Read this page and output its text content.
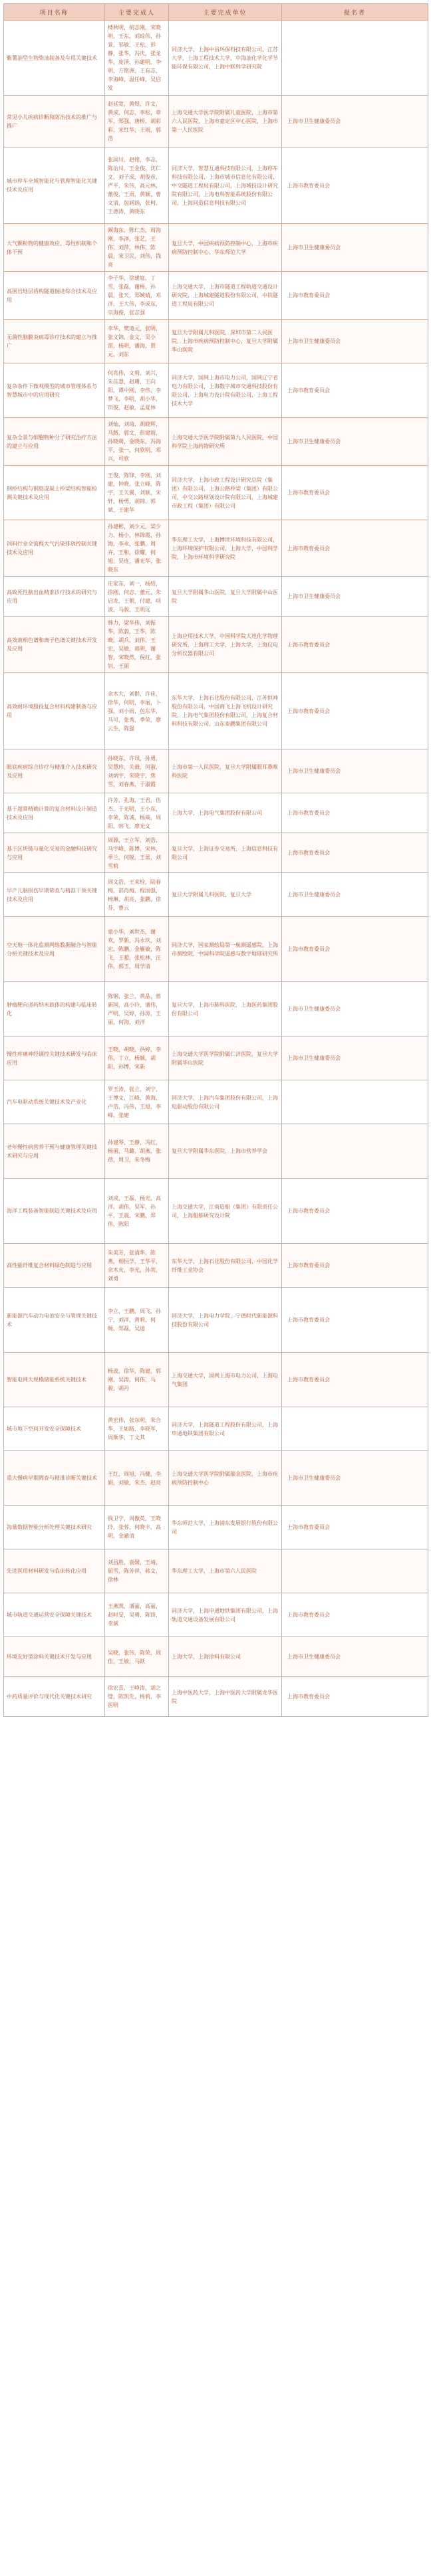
项目名称	主要完成人	主要完成单位	提名者
紫薯油型生物柴油制备及车用关键技术	楼秋明，胡志刚，宋晓明，王东，刘琼伟，孙景，邹敏，王松，彭静，张华，冯庆，张龙华，庞泽，孙建明，李明，方铭洲，王有志，李海峰，温任峰，吴启发	同济大学，上海中昌环保科技有限公司，江苏大学，上海工程技术大学，中海油化学化学节能环保有限公司，上海中联科学研究院	
常见小儿疾病诊断和防治技术的推广与推广	赵廷宽，黄煜，许文，黄成，何志，李松，章军，郑强，唐桥，胡彩彩，宋红华，王雨，郭浩	上海交通大学医学院附属儿童医院，上海市第六人民医院，上海市嘉定区中心医院，上海市第一人民医院	上海市卫生健康委员会
城市停车全域智能化与管理智能化关键技术及应用	张国川，赵铭，李志，陈治川，王金俊，沈仁文，刘子成，胡俊彦，严平，朱伟，高元林，董俊，王雨，黄颖，曹文清，包涵涵，张柯，王德涛，黄晓东	同济大学，智慧互通科技有限公司，上海停车科技有限公司，上海市城市信息化有限公司，中交隧道工程局有限公司，上海城投设计研究院有限公司，上海电科智能系统股份有限公司，上海同造信息科技有限公司	上海市教育委员会
大气颗粒物的健康效应、毒性机制和个体干预	阚海东，陈仁杰，周海刚，李泽，张艺，王伟，刘萍，林伟，陈晨，宋卫民，刘伟，钱亮	复旦大学，中国疾病预防控制中心，上海市疾病预防控制中心，华东师范大学	上海市卫生健康委员会
高围岩地层盾构隧道掘进综合技术及应用	李子华，徐建庭，丁雪，张磊，谢杨，孙晨，张天，郑婉婧，邓洋，王大伟，李成东，宗海俊，张志强	上海交通大学，上海市隧道工程轨道交通设计研究院，上海城建隧道股份有限公司，中铁隧道工程局有限公司	上海市教育委员会
无菌性脑膜炎病毒诊疗技术的建立与推广	李华，樊迪元，张明，张文锦，金文，吴小雷，杨明，潘海，贾元，刘东	复旦大学附属儿科医院，深圳市第二人民医院，上海市疾病预防控制中心，复旦大学附属华山医院	上海市卫生健康委员会
复杂条件下微观模型的城市管理体系与智慧城市中的应用研究	何兆伟，文莉，刘兴，朱佳慧，赵珊，王向阳，谭中刚，李伟，李梦飞，李明，胡小华，田俊，赵敏，孟夏林	同济大学，国网上海市电力公司，国网辽宁省电力有限公司，上海数字城市交通科技股份有限公司，上海电力设计院有限公司，上海工程技术大学	上海市教育委员会
复杂全景与细胞物种分子研究治疗方法的建立与应用	刘灿，刘琦，胡晓辉，马路，郭文，彭建雨，孙晓萌，金晓东，冯海平，张一，何欣明，邓兴，可欣	上海交通大学医学院附属第九人民医院，中国科学院上海药物研究所	上海市卫生健康委员会
钢桥结构与钢筋混凝土桥梁结构智能检测关键技术及应用	王俊，陈锋，李刚，刘建，钟晓，张立峰，陈宇，王天翼，刘颖，宋轩，杨勇，胡锦，郭斌，王建华	同济大学，上海市政工程设计研究总院（集团）有限公司，上海公路桥梁（集团）有限公司，中交公路规划设计院有限公司，上海城建市政工程（集团）有限公司	上海市教育委员会
饲料行业全流程大气污染排放控制关键技术及应用	孙建彬，刘少元，梁少力，杨小，林锦霞，孙海，李永，张鹏，周卉，王和，徐耀，何旭，吴连，潘光华，张晓东	华东理工大学，上海博世环境科技有限公司，上海环境保护有限公司，上海大学，中国科学院，上海市环境科学研究院	上海市教育委员会
高致死性脑出血精准诊疗技术的研究与应用	庄家东，刘一，杨绍，徐刚，何志，董元，朱启龙，王朝，付建，项波，马骏，王明远	复旦大学附属华山医院，复旦大学附属中山医院	上海市卫生健康委员会
高效液相色谱和离子色谱关键技术开发及应用	韩力，梁华伟，刘振华，陈毅，王华，陈晓，胡兵，刘伟，王宏，吴敏，蒋明，谢智，宋晓然，倪红，张钊，王丽	上海应用技术大学，中国科学院大连化学物理研究所，上海理工大学，上海大学，上海仪电分析仪器有限公司	上海市教育委员会
高效耐环境服役复合材料构建制备与应用	余木大，刘群，许佳，徐华，何明，李丽，卜强，刘小雨，包东华，马可，张秀，季荣，廖云生，陈强	东华大学，上海石化股份有限公司，江苏恒神股份有限公司，中国商飞上海飞机设计研究院，上海电气集团股份有限公司，上海复合材料科技有限公司，山东泰鹏集团有限公司	上海市教育委员会
眼底疾病综合诊疗与精准介入技术研究及应用	孙晓东，许讯，孙勇，吴慧珍，关毅，何淑，刘炳宇，朱晓宇，焦雪，刘春燕，于淑霞	上海市第一人民医院，复旦大学附属眼耳鼻喉科医院	上海市卫生健康委员会
基于超算精确计算的复合材料设计制造技术及应用	许芳，孔海，王君，伍杰，于光明，王小东，李荣，陈诚，杨威，周阳，韩飞，廖光文	上海大学，上海电气集团股份有限公司	上海市教育委员会
基于区块链与量化交易的金融科技研究与应用	周源，王立军，刘浩，马宇峰，陈博，宋林，季兰，何锐，王蕾，刘雪莉	复旦大学，上海证券交易所，上海信息科技有限公司	上海市教育委员会
早产儿脑损伤早期筛查与精准干预关键技术及应用	周文浩，王来栓，陆春梅，邵肖梅，程国强，杨琳，胡亮，张鹏，徐芬，曹云	复旦大学附属儿科医院，复旦大学	上海市卫生健康委员会
空天地一体化监测网络数据融合与智能分析关键技术及应用	童小华，刘世杰，谢欢，罗新，冯永玖，刘宏，陈鹏，金雁敏，陈飞，王超，张松林，汪伟，郭玉，周学清	同济大学，国家测绘局第一航测遥感院，上海市测绘院，中国科学院遥感与数字地球研究所	上海市教育委员会
肿瘤靶向递药纳米载体的构建与临床转化	陈钢，张兰，黄晶，蒋新国，高小玲，潘伟，严明，吴婷，孙涛，王丽，何海，刘洋	复旦大学，上海市肺科医院，上海医药集团股份有限公司	上海市卫生健康委员会
慢性疼痛神经调控关键技术研发与临床应用	王晓，胡晓，洪婷，李伟，丁立，杨颖，胡阳，孙博，宋新	上海交通大学医学院附属仁济医院，复旦大学附属华山医院	上海市卫生健康委员会
汽车电驱动系统关键技术及产业化	罗玉涛，张立，刘宁，王博文，江峰，黄海，卢浩，冯伟，王旭，李峰，张建	同济大学，上海汽车集团股份有限公司，上海电驱动股份有限公司	
老年慢性病营养干预与健康管理关键技术研究与应用	孙建琴，王静，冯红，杨丽，马璐，胡燕，张蓓，周卫，朱冬梅	复旦大学附属华东医院，上海市营养学会	
海洋工程装备智能制造关键技术及应用	刘成，王磊，杨光，高洋，胡伟，吴军，孙平，王震，宋鹏，郑伟，陈阳	上海交通大学，江南造船（集团）有限责任公司，上海船舶研究设计院	上海市教育委员会
高性能纤维复合材料绿色制造与应用	朱美芳，张清华，陈燕，相恒学，王华平，余木火，李光，孙宾，刘勇	东华大学，上海石化股份有限公司，中国化学纤维工业协会	上海市教育委员会
新能源汽车动力电池安全与管理关键技术	李立，王鹏，周飞，孙宁，刘洋，黄莉，何畅，郑磊，吴迪	同济大学，上海电力学院，宁德时代新能源科技股份有限公司	上海市教育委员会
智能电网大规模储能系统关键技术	杨波，徐华，陈建，郭刚，吴涛，何伟，马骏，胡丹	上海交通大学，国网上海市电力公司，上海电气集团	上海市教育委员会
城市地下空间开发安全保障技术	黄宏伟，张东明，朱合华，王如路，李晓军，周顺华，丁文其	同济大学，上海隧道工程股份有限公司，上海申通地铁集团有限公司	
重大慢病早期筛查与精准诊断关键技术	王红，周旭，冯健，李娟，刘敏，朱杰，赵亮	上海交通大学医学院附属瑞金医院，上海市疾病预防控制中心	上海市卫生健康委员会
海量数据智能分析处理关键技术研究	钱卫宁，周傲英，王晓玲，张蓉，何晓丰，高明，金澈清	华东师范大学，上海浦东发展银行股份有限公司	上海市教育委员会
先进医用材料研发与临床转化应用	刘昌胜，袁媛，王靖，屈雪，陈芳萍，蒋文，徐林	华东理工大学，上海市第六人民医院	
城市轨道交通运营安全保障关键技术	王燕凯，潘丽，高丽，赵时旻，吴勇，陈锋，李斌	同济大学，上海申通地铁集团有限公司，上海轨道交通设备发展有限公司	上海市教育委员会
环境友好型涂料关键技术开发与应用	吴晓，张伟，陈荣，周佳，王敏，马跃	上海大学，上海涂料有限公司	上海市卫生健康委员会
中药质量评价与现代化关键技术研究	徐宏喜，王峥涛，胡之璧，陈凯先，杨莉，李医明	上海中医药大学，上海中医药大学附属龙华医院	上海市教育委员会
